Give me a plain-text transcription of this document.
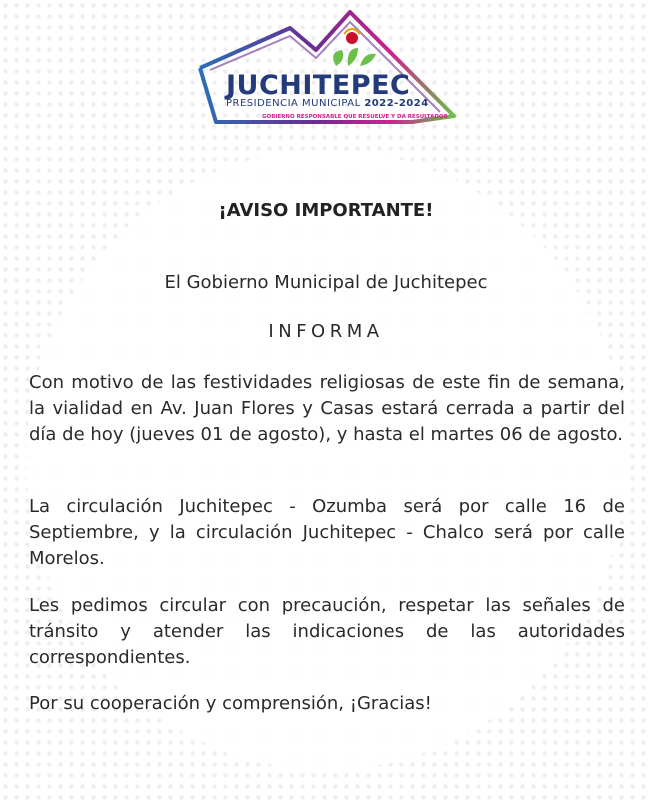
JUCHITEPEC
PRESIDENCIA MUNICIPAL 2022-2024
GOBIERNO RESPONSABLE QUE RESUELVE Y DA RESULTADOS
¡AVISO IMPORTANTE!
El Gobierno Municipal de Juchitepec
INFORMA

Con motivo de las festividades religiosas de este fin de semana, la vialidad en Av. Juan Flores y Casas estará cerrada a partir del día de hoy (jueves 01 de agosto), y hasta el martes 06 de agosto.

La circulación Juchitepec - Ozumba será por calle 16 de Septiembre, y la circulación Juchitepec - Chalco será por calle Morelos.

Les pedimos circular con precaución, respetar las señales de tránsito y atender las indicaciones de las autoridades correspondientes.

Por su cooperación y comprensión, ¡Gracias!
